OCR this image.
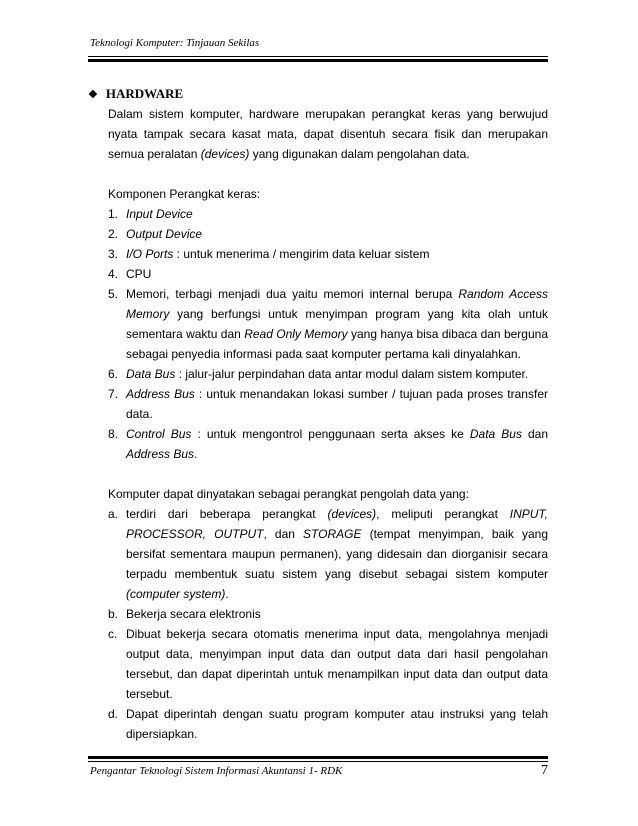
Teknologi Komputer: Tinjauan Sekilas
❖ HARDWARE

Dalam sistem komputer, hardware merupakan perangkat keras yang berwujud nyata tampak secara kasat mata, dapat disentuh secara fisik dan merupakan semua peralatan (devices) yang digunakan dalam pengolahan data.

Komponen Perangkat keras:

1. Input Device
2. Output Device
3. I/O Ports : untuk menerima / mengirim data keluar sistem
4. CPU
5. Memori, terbagi menjadi dua yaitu memori internal berupa Random Access Memory yang berfungsi untuk menyimpan program yang kita olah untuk sementara waktu dan Read Only Memory yang hanya bisa dibaca dan berguna sebagai penyedia informasi pada saat komputer pertama kali dinyalahkan.
6. Data Bus : jalur-jalur perpindahan data antar modul dalam sistem komputer.
7. Address Bus : untuk menandakan lokasi sumber / tujuan pada proses transfer data.
8. Control Bus : untuk mengontrol penggunaan serta akses ke Data Bus dan Address Bus.

Komputer dapat dinyatakan sebagai perangkat pengolah data yang:

a. terdiri dari beberapa perangkat (devices), meliputi perangkat INPUT, PROCESSOR, OUTPUT, dan STORAGE (tempat menyimpan, baik yang bersifat sementara maupun permanen), yang didesain dan diorganisir secara terpadu membentuk suatu sistem yang disebut sebagai sistem komputer (computer system).
b. Bekerja secara elektronis
c. Dibuat bekerja secara otomatis menerima input data, mengolahnya menjadi output data, menyimpan input data dan output data dari hasil pengolahan tersebut, dan dapat diperintah untuk menampilkan input data dan output data tersebut.
d. Dapat diperintah dengan suatu program komputer atau instruksi yang telah dipersiapkan.
Pengantar Teknologi Sistem Informasi Akuntansi 1- RDK	7
